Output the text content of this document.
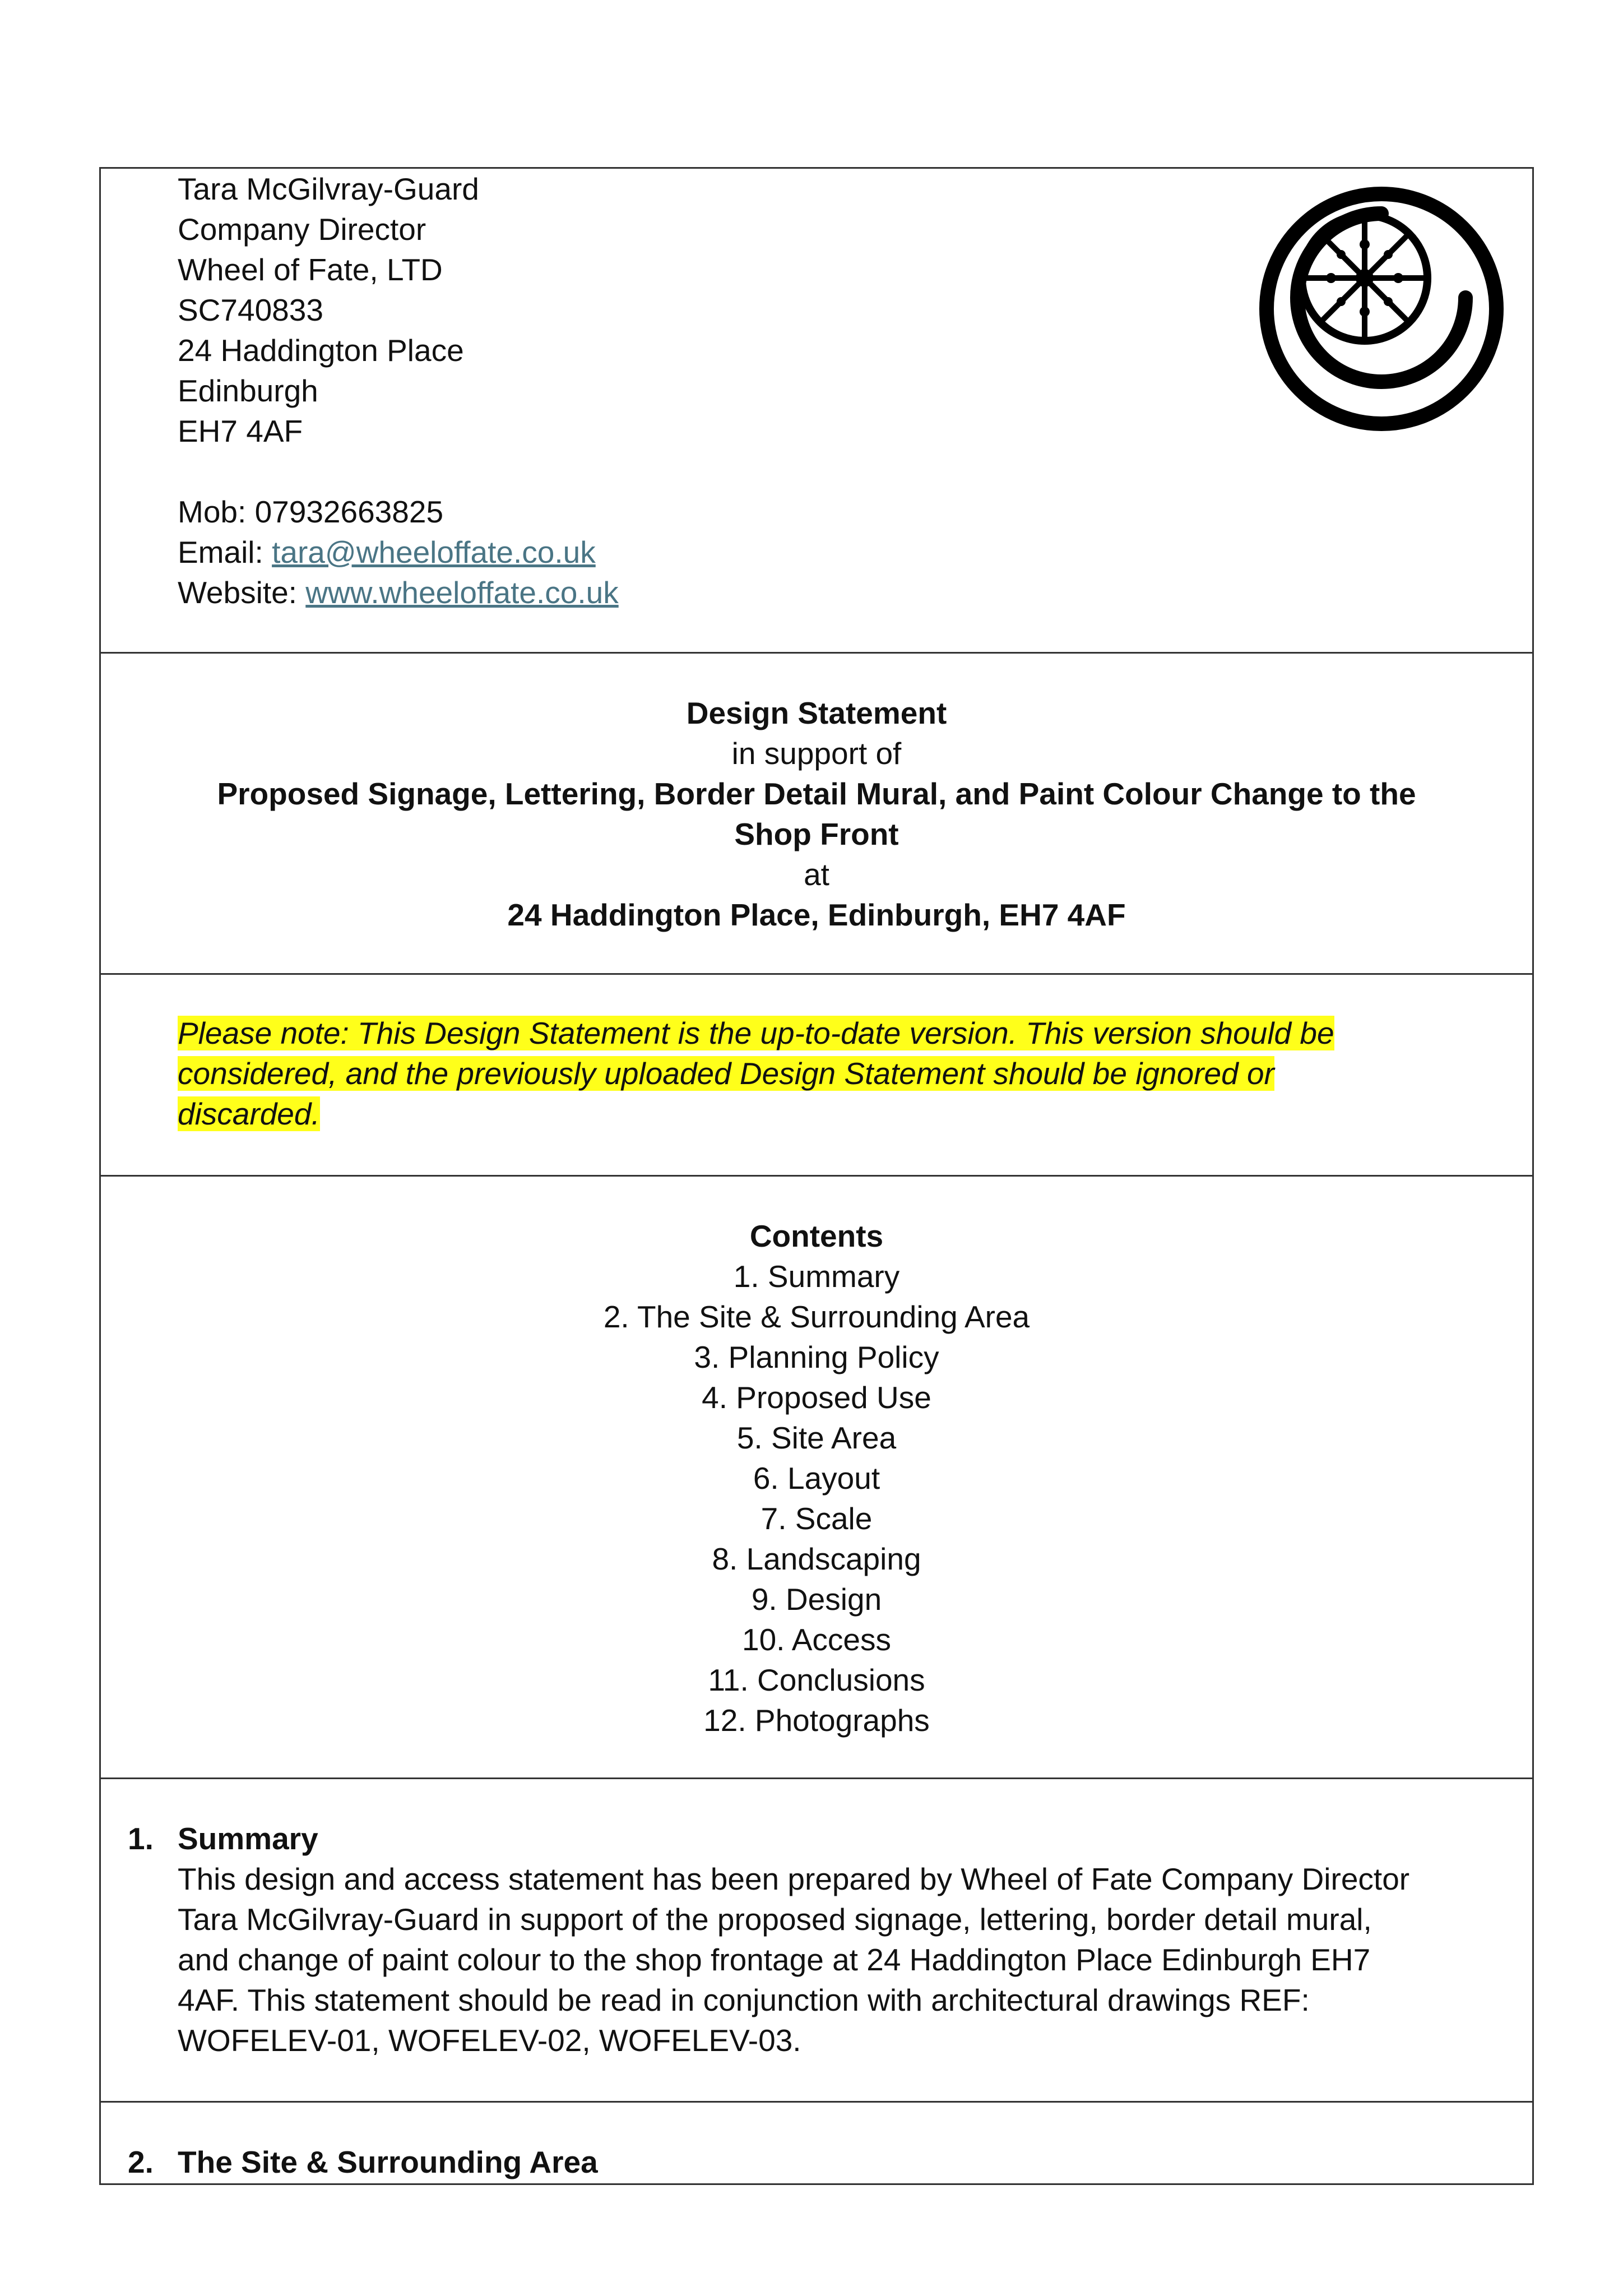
Tara McGilvray-Guard
Company Director
Wheel of Fate, LTD
SC740833
24 Haddington Place
Edinburgh
EH7 4AF

Mob: 07932663825
Email: tara@wheeloffate.co.uk
Website: www.wheeloffate.co.uk
Design Statement
in support of
Proposed Signage, Lettering, Border Detail Mural, and Paint Colour Change to the
Shop Front
at
24 Haddington Place, Edinburgh, EH7 4AF
Please note: This Design Statement is the up-to-date version. This version should be
considered, and the previously uploaded Design Statement should be ignored or
discarded.
Contents
1. Summary
2. The Site & Surrounding Area
3. Planning Policy
4. Proposed Use
5. Site Area
6. Layout
7. Scale
8. Landscaping
9. Design
10. Access
11. Conclusions
12. Photographs
1. Summary
This design and access statement has been prepared by Wheel of Fate Company Director
Tara McGilvray-Guard in support of the proposed signage, lettering, border detail mural,
and change of paint colour to the shop frontage at 24 Haddington Place Edinburgh EH7
4AF. This statement should be read in conjunction with architectural drawings REF:
WOFELEV-01, WOFELEV-02, WOFELEV-03.
2. The Site & Surrounding Area
